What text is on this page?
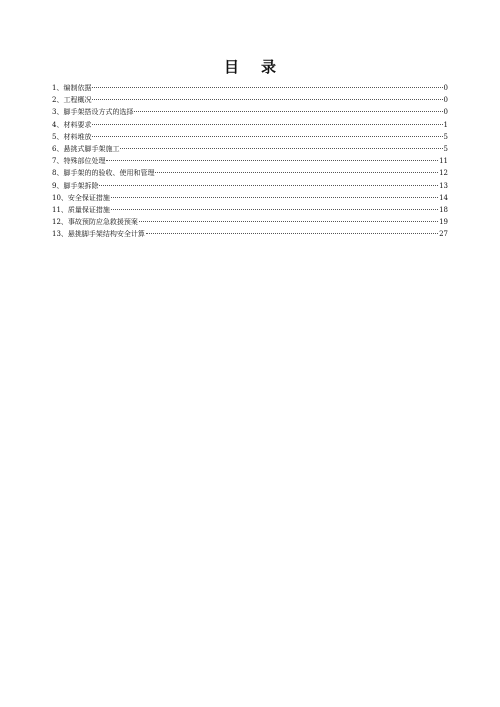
目录
1、编制依据	0
2、工程概况	0
3、脚手架搭设方式的选择	0
4、材料要求	1
5、材料堆放	5
6、悬挑式脚手架施工	5
7、特殊部位处理	11
8、脚手架的的验收、使用和管理	12
9、脚手架拆除	13
10、安全保证措施	14
11、质量保证措施	18
12、事故预防应急救援预案	19
13、悬挑脚手架结构安全计算	27
